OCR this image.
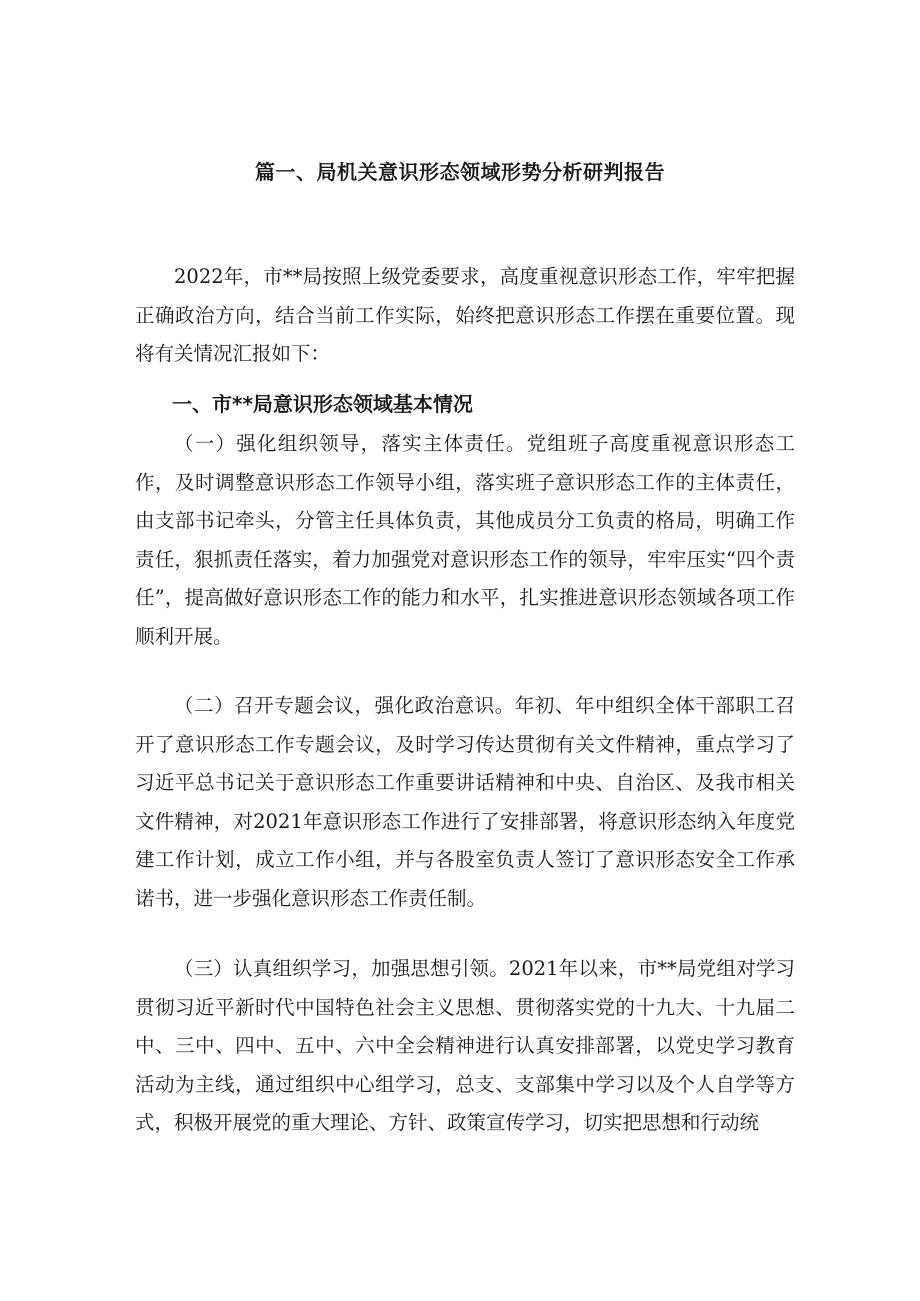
篇一、局机关意识形态领域形势分析研判报告

2022年，市**局按照上级党委要求，高度重视意识形态工作，牢牢把握正确政治方向，结合当前工作实际，始终把意识形态工作摆在重要位置。现将有关情况汇报如下：

一、市**局意识形态领域基本情况

（一）强化组织领导，落实主体责任。党组班子高度重视意识形态工作，及时调整意识形态工作领导小组，落实班子意识形态工作的主体责任，由支部书记牵头，分管主任具体负责，其他成员分工负责的格局，明确工作责任，狠抓责任落实，着力加强党对意识形态工作的领导，牢牢压实“四个责任”，提高做好意识形态工作的能力和水平，扎实推进意识形态领域各项工作顺利开展。

（二）召开专题会议，强化政治意识。年初、年中组织全体干部职工召开了意识形态工作专题会议，及时学习传达贯彻有关文件精神，重点学习了习近平总书记关于意识形态工作重要讲话精神和中央、自治区、及我市相关文件精神，对2021年意识形态工作进行了安排部署，将意识形态纳入年度党建工作计划，成立工作小组，并与各股室负责人签订了意识形态安全工作承诺书，进一步强化意识形态工作责任制。

（三）认真组织学习，加强思想引领。2021年以来，市**局党组对学习贯彻习近平新时代中国特色社会主义思想、贯彻落实党的十九大、十九届二中、三中、四中、五中、六中全会精神进行认真安排部署，以党史学习教育活动为主线，通过组织中心组学习，总支、支部集中学习以及个人自学等方式，积极开展党的重大理论、方针、政策宣传学习，切实把思想和行动统
